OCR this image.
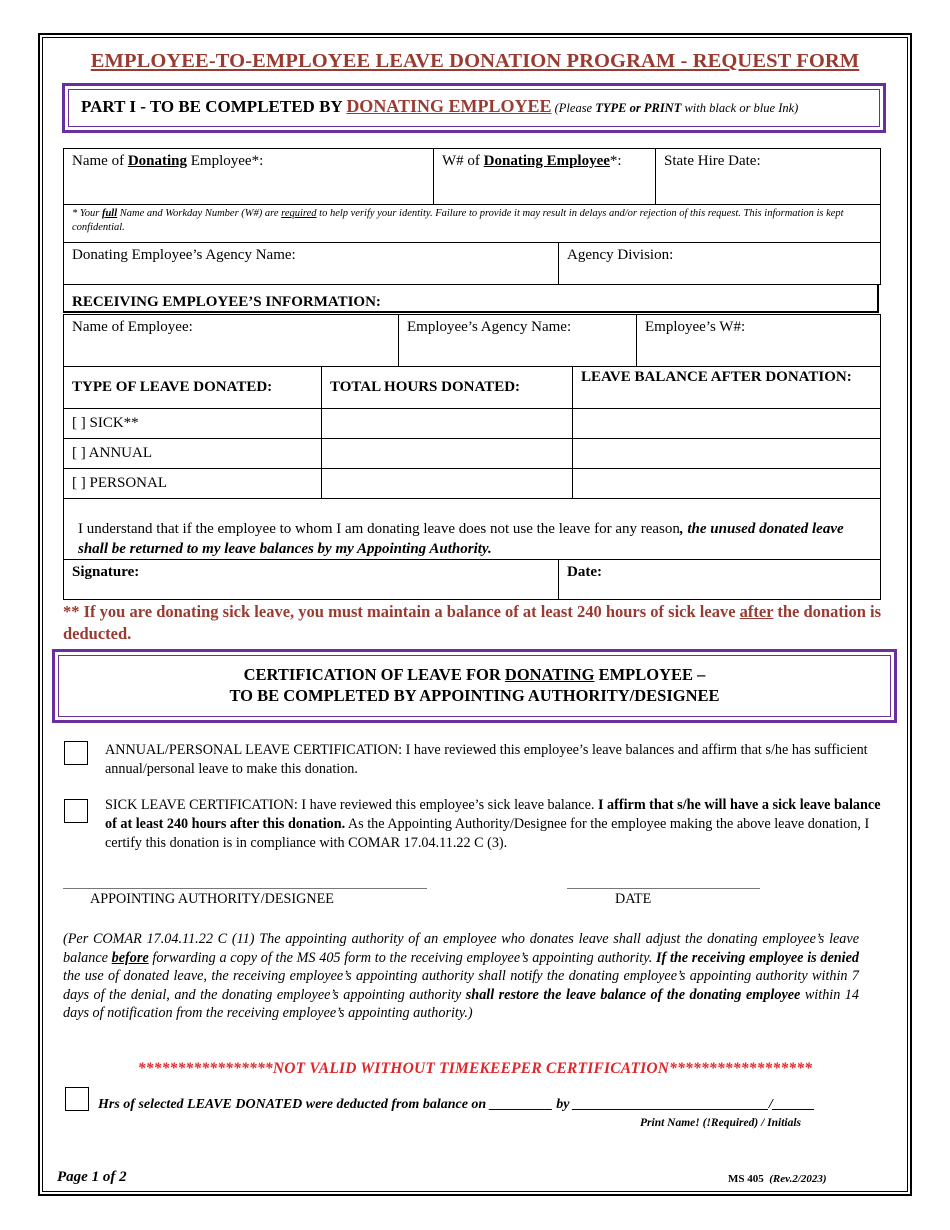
EMPLOYEE-TO-EMPLOYEE LEAVE DONATION PROGRAM - REQUEST FORM
PART I - TO BE COMPLETED BY DONATING EMPLOYEE (Please TYPE or PRINT with black or blue Ink)
Name of Donating Employee*:	W# of Donating Employee*:	State Hire Date:

* Your full Name and Workday Number (W#) are required to help verify your identity. Failure to provide it may result in delays and/or rejection of this request. This information is kept confidential.
Donating Employee’s Agency Name:	Agency Division:
RECEIVING EMPLOYEE’S INFORMATION:
Name of Employee:	Employee’s Agency Name:	Employee’s W#:
TYPE OF LEAVE DONATED:	TOTAL HOURS DONATED:	LEAVE BALANCE AFTER DONATION:
[ ] SICK**		
[ ] ANNUAL		
[ ] PERSONAL		
I understand that if the employee to whom I am donating leave does not use the leave for any reason, the unused donated leave shall be returned to my leave balances by my Appointing Authority.

Signature:	Date:
** If you are donating sick leave, you must maintain a balance of at least 240 hours of sick leave after the donation is deducted.
CERTIFICATION OF LEAVE FOR DONATING EMPLOYEE –
TO BE COMPLETED BY APPOINTING AUTHORITY/DESIGNEE
ANNUAL/PERSONAL LEAVE CERTIFICATION: I have reviewed this employee’s leave balances and affirm that s/he has sufficient annual/personal leave to make this donation.
SICK LEAVE CERTIFICATION: I have reviewed this employee’s sick leave balance. I affirm that s/he will have a sick leave balance of at least 240 hours after this donation. As the Appointing Authority/Designee for the employee making the above leave donation, I certify this donation is in compliance with COMAR 17.04.11.22 C (3).
APPOINTING AUTHORITY/DESIGNEE	DATE
(Per COMAR 17.04.11.22 C (11) The appointing authority of an employee who donates leave shall adjust the donating employee’s leave balance before forwarding a copy of the MS 405 form to the receiving employee’s appointing authority. If the receiving employee is denied the use of donated leave, the receiving employee’s appointing authority shall notify the donating employee’s appointing authority within 7 days of the denial, and the donating employee’s appointing authority shall restore the leave balance of the donating employee within 14 days of notification from the receiving employee’s appointing authority.)
*****************NOT VALID WITHOUT TIMEKEEPER CERTIFICATION******************
Hrs of selected LEAVE DONATED were deducted from balance on _________ by ____________________________/______
Print Name! (!Required) / Initials
Page 1 of 2	MS 405 (Rev.2/2023)
